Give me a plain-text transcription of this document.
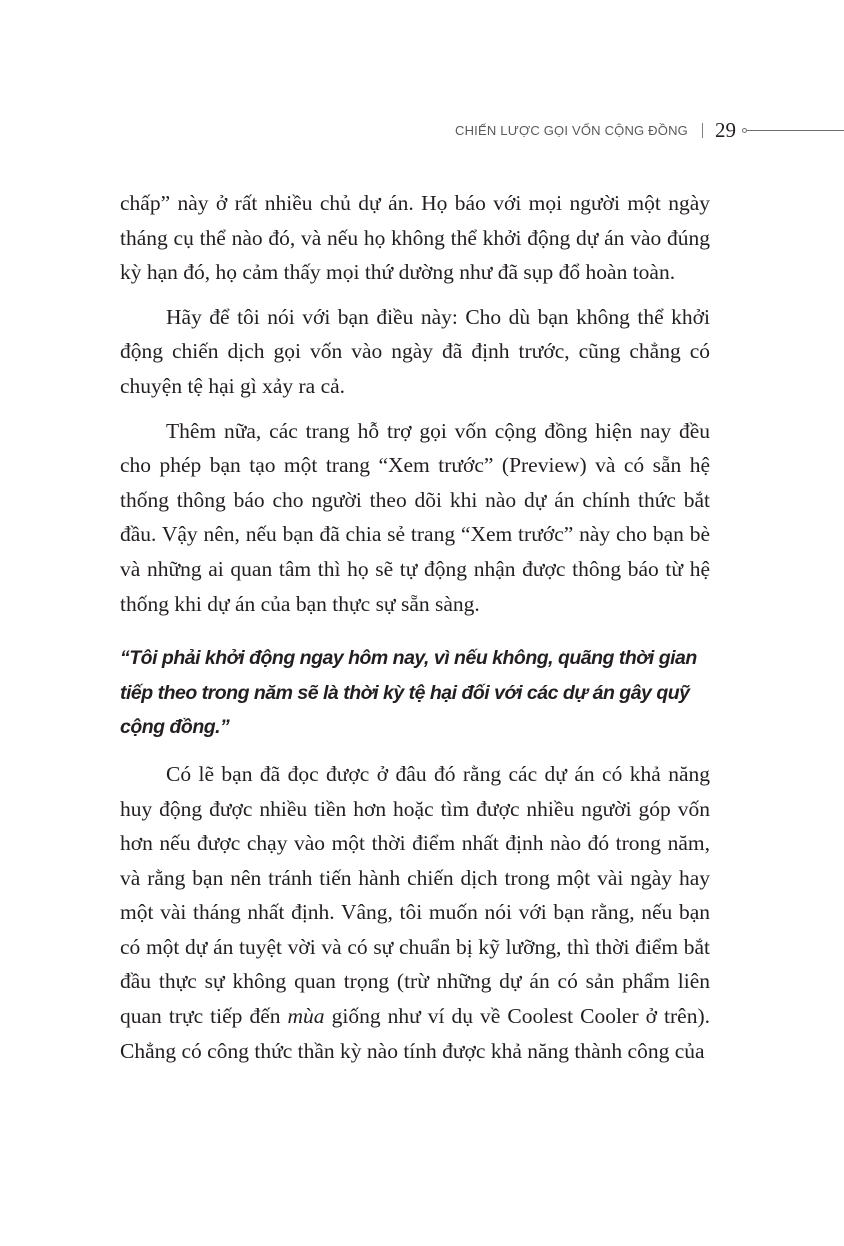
CHIẾN LƯỢC GỌI VỐN CỘNG ĐỒNG 29

chấp” này ở rất nhiều chủ dự án. Họ báo với mọi người một ngày tháng cụ thể nào đó, và nếu họ không thể khởi động dự án vào đúng kỳ hạn đó, họ cảm thấy mọi thứ dường như đã sụp đổ hoàn toàn.

Hãy để tôi nói với bạn điều này: Cho dù bạn không thể khởi động chiến dịch gọi vốn vào ngày đã định trước, cũng chẳng có chuyện tệ hại gì xảy ra cả.

Thêm nữa, các trang hỗ trợ gọi vốn cộng đồng hiện nay đều cho phép bạn tạo một trang “Xem trước” (Preview) và có sẵn hệ thống thông báo cho người theo dõi khi nào dự án chính thức bắt đầu. Vậy nên, nếu bạn đã chia sẻ trang “Xem trước” này cho bạn bè và những ai quan tâm thì họ sẽ tự động nhận được thông báo từ hệ thống khi dự án của bạn thực sự sẵn sàng.

“Tôi phải khởi động ngay hôm nay, vì nếu không, quãng thời gian tiếp theo trong năm sẽ là thời kỳ tệ hại đối với các dự án gây quỹ cộng đồng.”

Có lẽ bạn đã đọc được ở đâu đó rằng các dự án có khả năng huy động được nhiều tiền hơn hoặc tìm được nhiều người góp vốn hơn nếu được chạy vào một thời điểm nhất định nào đó trong năm, và rằng bạn nên tránh tiến hành chiến dịch trong một vài ngày hay một vài tháng nhất định. Vâng, tôi muốn nói với bạn rằng, nếu bạn có một dự án tuyệt vời và có sự chuẩn bị kỹ lưỡng, thì thời điểm bắt đầu thực sự không quan trọng (trừ những dự án có sản phẩm liên quan trực tiếp đến mùa giống như ví dụ về Coolest Cooler ở trên). Chẳng có công thức thần kỳ nào tính được khả năng thành công của
